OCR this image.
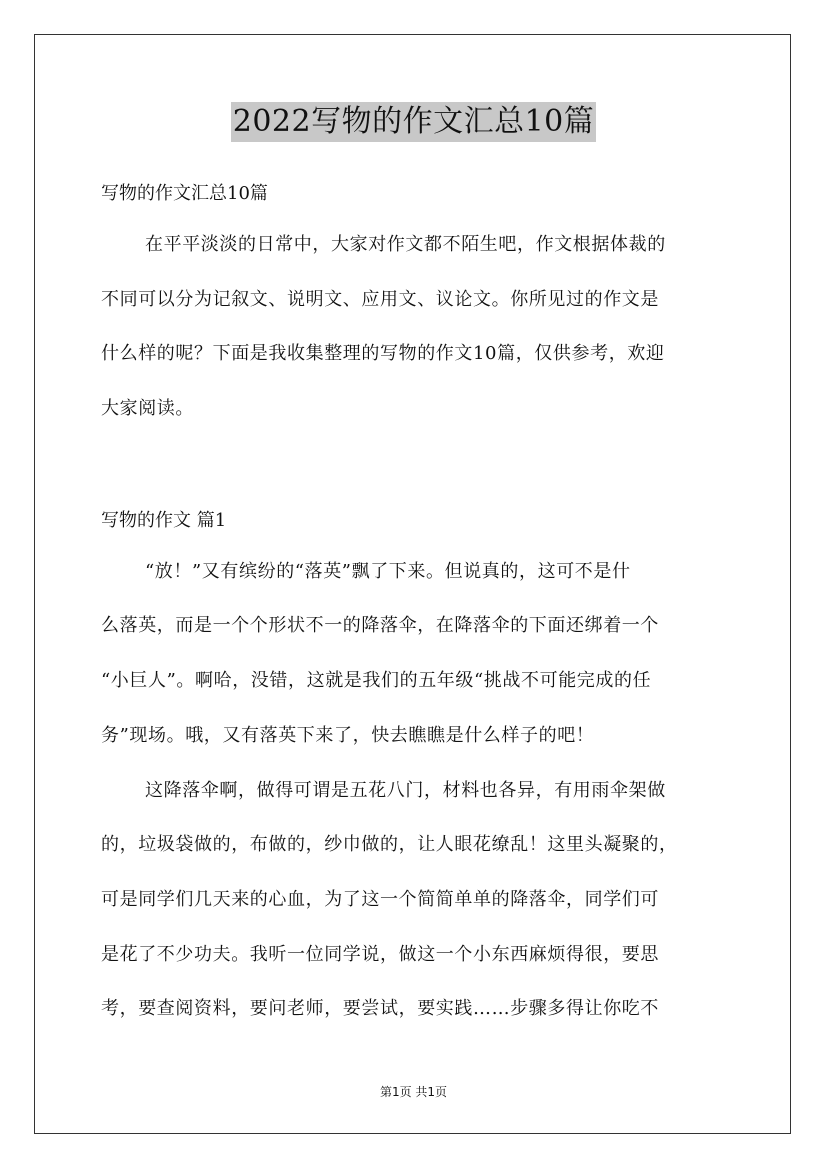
2022写物的作文汇总10篇
写物的作文汇总10篇
在平平淡淡的日常中，大家对作文都不陌生吧，作文根据体裁的
不同可以分为记叙文、说明文、应用文、议论文。你所见过的作文是
什么样的呢？下面是我收集整理的写物的作文10篇，仅供参考，欢迎
大家阅读。
写物的作文 篇1
“放！”又有缤纷的“落英”飘了下来。但说真的，这可不是什
么落英，而是一个个形状不一的降落伞，在降落伞的下面还绑着一个
“小巨人”。啊哈，没错，这就是我们的五年级“挑战不可能完成的任
务”现场。哦，又有落英下来了，快去瞧瞧是什么样子的吧！
这降落伞啊，做得可谓是五花八门，材料也各异，有用雨伞架做
的，垃圾袋做的，布做的，纱巾做的，让人眼花缭乱！这里头凝聚的，
可是同学们几天来的心血，为了这一个简简单单的降落伞，同学们可
是花了不少功夫。我听一位同学说，做这一个小东西麻烦得很，要思
考，要查阅资料，要问老师，要尝试，要实践……步骤多得让你吃不
第1页 共1页
